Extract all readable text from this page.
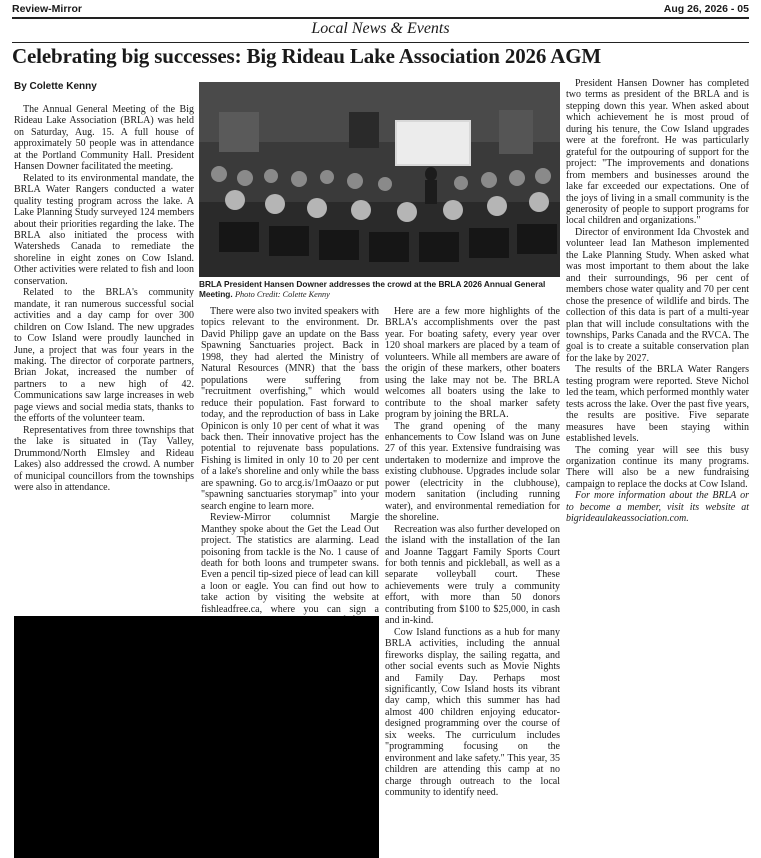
Review-Mirror	Aug 26, 2026 - 05
Local News & Events
Celebrating big successes: Big Rideau Lake Association 2026 AGM
By Colette Kenny

The Annual General Meeting of the Big Rideau Lake Association (BRLA) was held on Saturday, Aug. 15. A full house of approximately 50 people was in attendance at the Portland Community Hall. President Hansen Downer facilitated the meeting.

Related to its environmental mandate, the BRLA Water Rangers conducted a water quality testing program across the lake. A Lake Planning Study surveyed 124 members about their priorities regarding the lake. The BRLA also initiated the process with Watersheds Canada to remediate the shoreline in eight zones on Cow Island. Other activities were related to fish and loon conservation.

Related to the BRLA's community mandate, it ran numerous successful social activities and a day camp for over 300 children on Cow Island. The new upgrades to Cow Island were proudly launched in June, a project that was four years in the making. The director of corporate partners, Brian Jokat, increased the number of partners to a new high of 42. Communications saw large increases in web page views and social media stats, thanks to the efforts of the volunteer team.

Representatives from three townships that the lake is situated in (Tay Valley, Drummond/North Elmsley and Rideau Lakes) also addressed the crowd. A number of municipal councillors from the townships were also in attendance.

BRLA President Hansen Downer addresses the crowd at the BRLA 2026 Annual General Meeting. Photo Credit: Colette Kenny

There were also two invited speakers with topics relevant to the environment. Dr. David Philipp gave an update on the Bass Spawning Sanctuaries project. Back in 1998, they had alerted the Ministry of Natural Resources (MNR) that the bass populations were suffering from "recruitment overfishing," which would reduce their population. Fast forward to today, and the reproduction of bass in Lake Opinicon is only 10 per cent of what it was back then. Their innovative project has the potential to rejuvenate bass populations. Fishing is limited in only 10 to 20 per cent of a lake's shoreline and only while the bass are spawning. Go to arcg.is/1mOaazo or put "spawning sanctuaries storymap" into your search engine to learn more.

Review-Mirror columnist Margie Manthey spoke about the Get the Lead Out project. The statistics are alarming. Lead poisoning from tackle is the No. 1 cause of death for both loons and trumpeter swans. Even a pencil tip-sized piece of lead can kill a loon or eagle. You can find out how to take action by visiting the website at fishleadfree.ca, where you can sign a

Here are a few more highlights of the BRLA's accomplishments over the past year. For boating safety, every year over 120 shoal markers are placed by a team of volunteers. While all members are aware of the origin of these markers, other boaters using the lake may not be. The BRLA welcomes all boaters using the lake to contribute to the shoal marker safety program by joining the BRLA.

The grand opening of the many enhancements to Cow Island was on June 27 of this year. Extensive fundraising was undertaken to modernize and improve the existing clubhouse. Upgrades include solar power (electricity in the clubhouse), modern sanitation (including running water), and environmental remediation for the shoreline.

Recreation was also further developed on the island with the installation of the Ian and Joanne Taggart Family Sports Court for both tennis and pickleball, as well as a separate volleyball court. These achievements were truly a community effort, with more than 50 donors contributing from $100 to $25,000, in cash and in-kind.

Cow Island functions as a hub for many BRLA activities, including the annual fireworks display, the sailing regatta, and other social events such as Movie Nights and Family Day. Perhaps most significantly, Cow Island hosts its vibrant day camp, which this summer has had almost 400 children enjoying educator-designed programming over the course of six weeks. The curriculum includes "programming focusing on the environment and lake safety." This year, 35 children are attending this camp at no charge through outreach to the local community to identify need.

President Hansen Downer has completed two terms as president of the BRLA and is stepping down this year. When asked about which achievement he is most proud of during his tenure, the Cow Island upgrades were at the forefront. He was particularly grateful for the outpouring of support for the project: "The improvements and donations from members and businesses around the lake far exceeded our expectations. One of the joys of living in a small community is the generosity of people to support programs for local children and organizations."

Director of environment Ida Chvostek and volunteer lead Ian Matheson implemented the Lake Planning Study. When asked what was most important to them about the lake and their surroundings, 96 per cent of members chose water quality and 70 per cent chose the presence of wildlife and birds. The collection of this data is part of a multi-year plan that will include consultations with the townships, Parks Canada and the RVCA. The goal is to create a suitable conservation plan for the lake by 2027.

The results of the BRLA Water Rangers testing program were reported. Steve Nichol led the team, which performed monthly water tests across the lake. Over the past five years, the results are positive. Five separate measures have been staying within established levels.

The coming year will see this busy organization continue its many programs. There will also be a new fundraising campaign to replace the docks at Cow Island.

For more information about the BRLA or to become a member, visit its website at bigrideaulakeassociation.com.
